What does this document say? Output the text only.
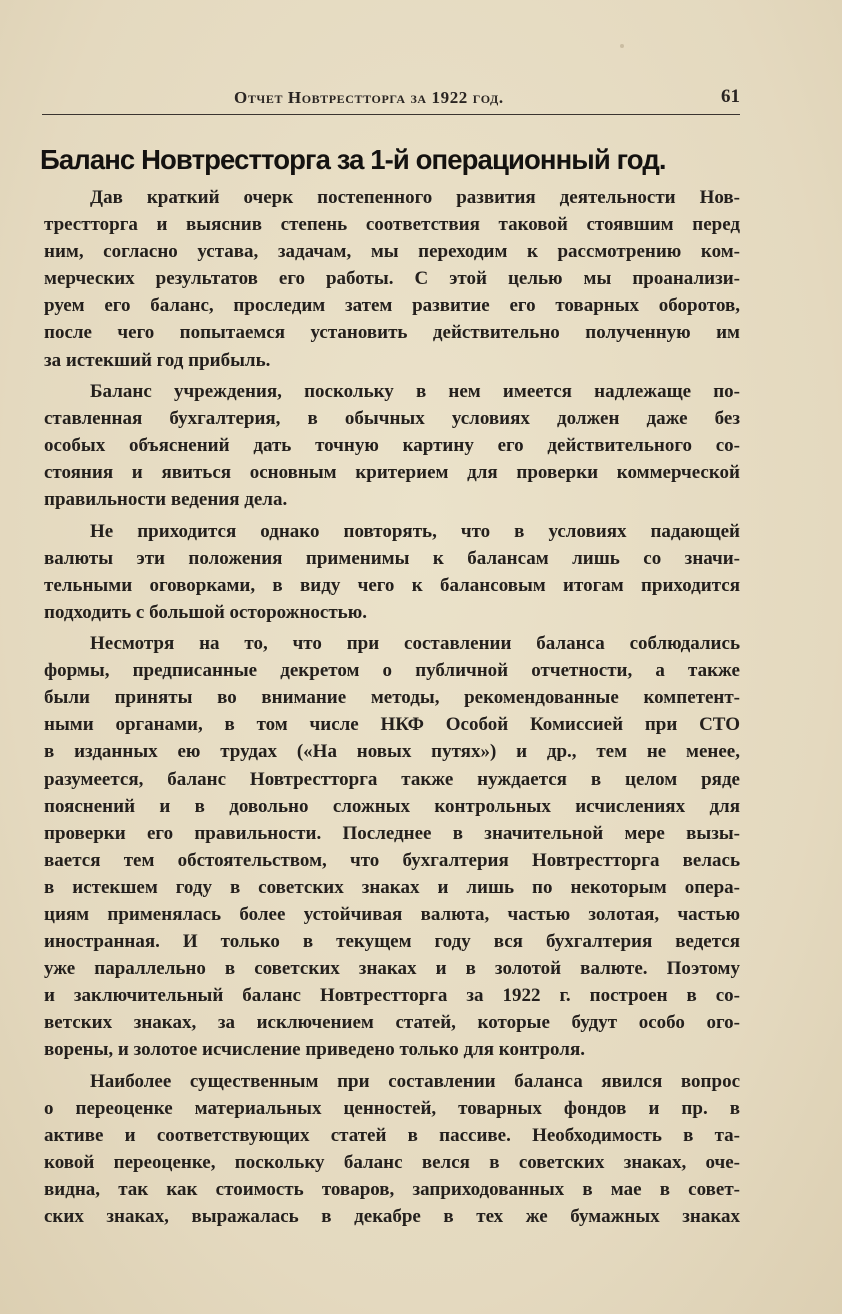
Отчет Новтрестторга за 1922 год.	61
Баланс Новтрестторга за 1-й операционный год.
Дав краткий очерк постепенного развития деятельности Нов-
трестторга и выяснив степень соответствия таковой стоявшим перед
ним, согласно устава, задачам, мы переходим к рассмотрению ком-
мерческих результатов его работы. С этой целью мы проанализи-
руем его баланс, проследим затем развитие его товарных оборотов,
после чего попытаемся установить действительно полученную им
за истекший год прибыль.
Баланс учреждения, поскольку в нем имеется надлежаще по-
ставленная бухгалтерия, в обычных условиях должен даже без
особых объяснений дать точную картину его действительного со-
стояния и явиться основным критерием для проверки коммерческой
правильности ведения дела.
Не приходится однако повторять, что в условиях падающей
валюты эти положения применимы к балансам лишь со значи-
тельными оговорками, в виду чего к балансовым итогам приходится
подходить с большой осторожностью.
Несмотря на то, что при составлении баланса соблюдались
формы, предписанные декретом о публичной отчетности, а также
были приняты во внимание методы, рекомендованные компетент-
ными органами, в том числе НКФ Особой Комиссией при СТО
в изданных ею трудах («На новых путях») и др., тем не менее,
разумеется, баланс Новтрестторга также нуждается в целом ряде
пояснений и в довольно сложных контрольных исчислениях для
проверки его правильности. Последнее в значительной мере вызы-
вается тем обстоятельством, что бухгалтерия Новтрестторга велась
в истекшем году в советских знаках и лишь по некоторым опера-
циям применялась более устойчивая валюта, частью золотая, частью
иностранная. И только в текущем году вся бухгалтерия ведется
уже параллельно в советских знаках и в золотой валюте. Поэтому
и заключительный баланс Новтрестторга за 1922 г. построен в со-
ветских знаках, за исключением статей, которые будут особо ого-
ворены, и золотое исчисление приведено только для контроля.
Наиболее существенным при составлении баланса явился вопрос
о переоценке материальных ценностей, товарных фондов и пр. в
активе и соответствующих статей в пассиве. Необходимость в та-
ковой переоценке, поскольку баланс велся в советских знаках, оче-
видна, так как стоимость товаров, заприходованных в мае в совет-
ских знаках, выражалась в декабре в тех же бумажных знаках
